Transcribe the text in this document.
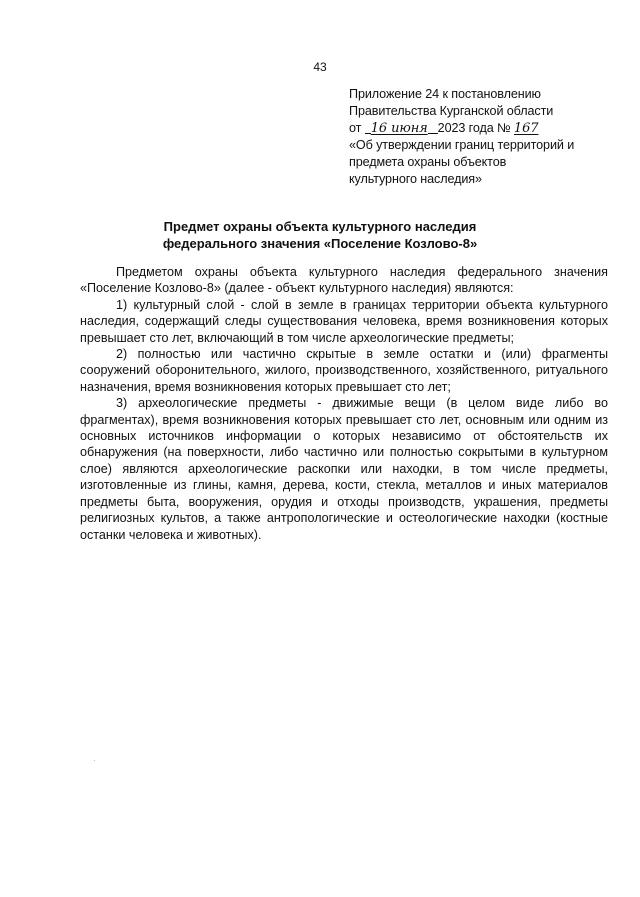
43
Приложение 24 к постановлению
Правительства Курганской области
от 16 июня 2023 года № 167
«Об утверждении границ территорий и
предмета охраны объектов
культурного наследия»
Предмет охраны объекта культурного наследия
федерального значения «Поселение Козлово-8»

Предметом охраны объекта культурного наследия федерального значения «Поселение Козлово-8» (далее - объект культурного наследия) являются:

1) культурный слой - слой в земле в границах территории объекта культурного наследия, содержащий следы существования человека, время возникновения которых превышает сто лет, включающий в том числе археологические предметы;

2) полностью или частично скрытые в земле остатки и (или) фрагменты сооружений оборонительного, жилого, производственного, хозяйственного, ритуального назначения, время возникновения которых превышает сто лет;

3) археологические предметы - движимые вещи (в целом виде либо во фрагментах), время возникновения которых превышает сто лет, основным или одним из основных источников информации о которых независимо от обстоятельств их обнаружения (на поверхности, либо частично или полностью сокрытыми в культурном слое) являются археологические раскопки или находки, в том числе предметы, изготовленные из глины, камня, дерева, кости, стекла, металлов и иных материалов предметы быта, вооружения, орудия и отходы производств, украшения, предметы религиозных культов, а также антропологические и остеологические находки (костные останки человека и животных).
